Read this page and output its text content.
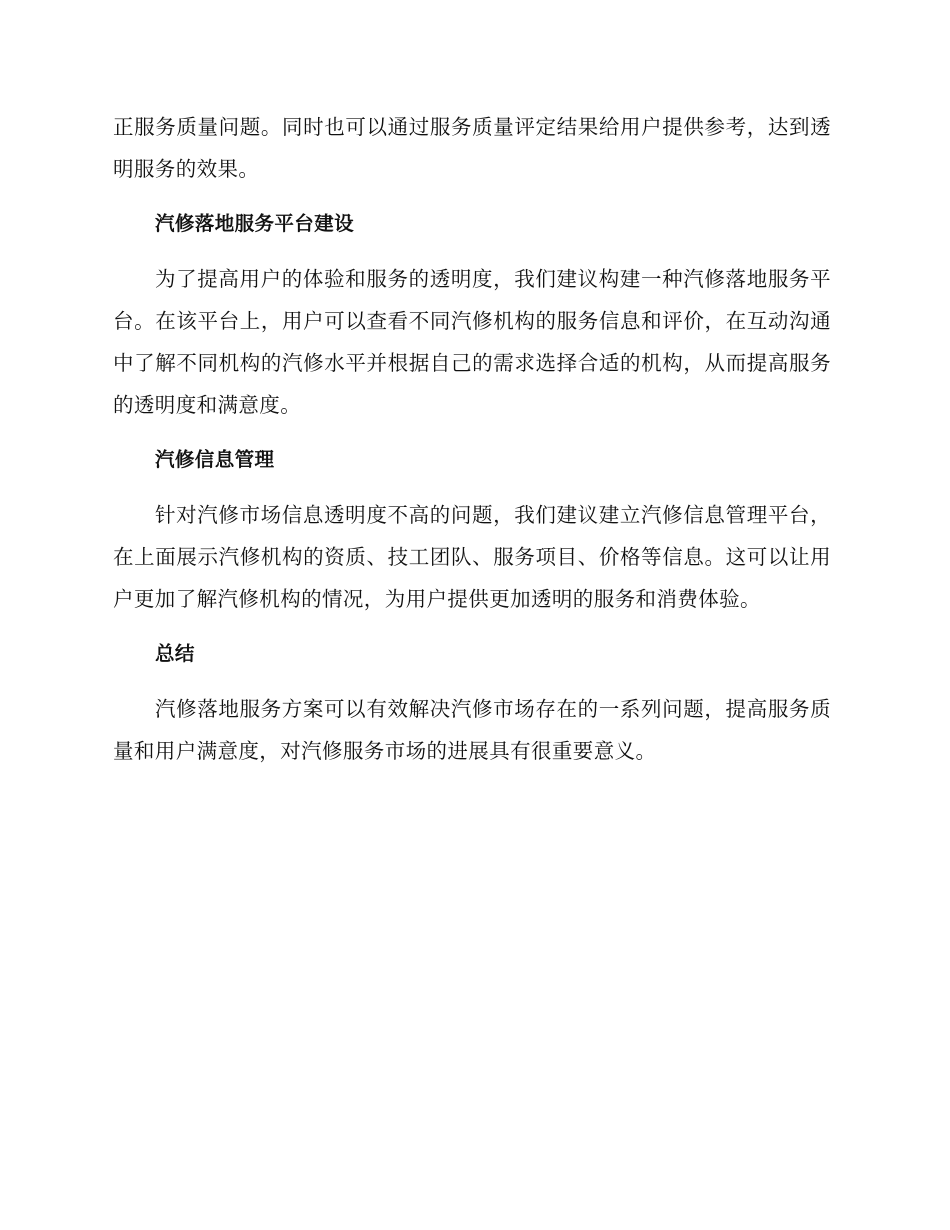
正服务质量问题。同时也可以通过服务质量评定结果给用户提供参考，达到透明服务的效果。

汽修落地服务平台建设

为了提高用户的体验和服务的透明度，我们建议构建一种汽修落地服务平台。在该平台上，用户可以查看不同汽修机构的服务信息和评价，在互动沟通中了解不同机构的汽修水平并根据自己的需求选择合适的机构，从而提高服务的透明度和满意度。

汽修信息管理

针对汽修市场信息透明度不高的问题，我们建议建立汽修信息管理平台，在上面展示汽修机构的资质、技工团队、服务项目、价格等信息。这可以让用户更加了解汽修机构的情况，为用户提供更加透明的服务和消费体验。

总结

汽修落地服务方案可以有效解决汽修市场存在的一系列问题，提高服务质量和用户满意度，对汽修服务市场的进展具有很重要意义。
